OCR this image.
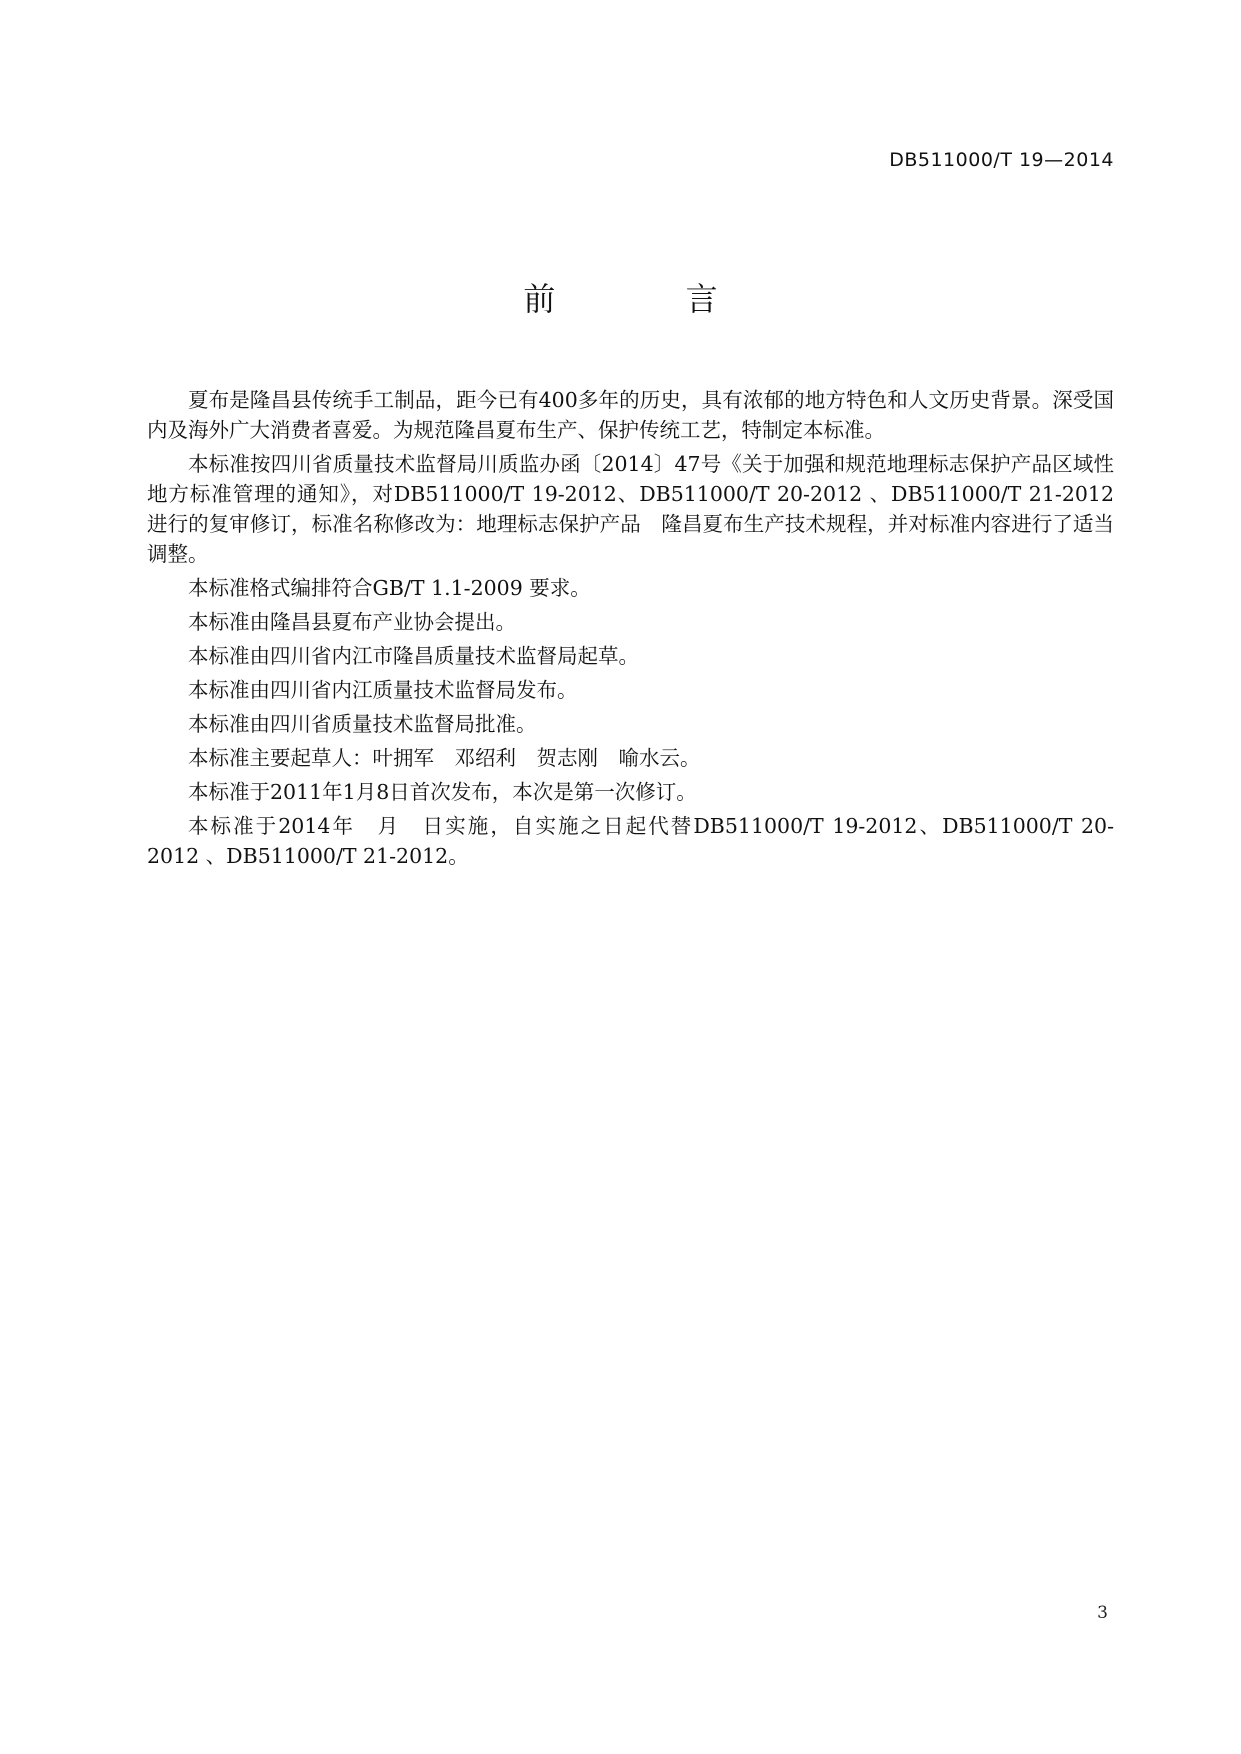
DB511000/T 19—2014
前 言

夏布是隆昌县传统手工制品，距今已有400多年的历史，具有浓郁的地方特色和人文历史背景。深受国内及海外广大消费者喜爱。为规范隆昌夏布生产、保护传统工艺，特制定本标准。

本标准按四川省质量技术监督局川质监办函〔2014〕47号《关于加强和规范地理标志保护产品区域性地方标准管理的通知》，对DB511000/T 19-2012、DB511000/T 20-2012 、DB511000/T 21-2012进行的复审修订，标准名称修改为：地理标志保护产品　隆昌夏布生产技术规程，并对标准内容进行了适当调整。

本标准格式编排符合GB/T 1.1-2009 要求。

本标准由隆昌县夏布产业协会提出。

本标准由四川省内江市隆昌质量技术监督局起草。

本标准由四川省内江质量技术监督局发布。

本标准由四川省质量技术监督局批准。

本标准主要起草人：叶拥军　邓绍利　贺志刚　喻水云。

本标准于2011年1月8日首次发布，本次是第一次修订。

本标准于2014年　月　日实施，自实施之日起代替DB511000/T 19-2012、DB511000/T 20-2012 、DB511000/T 21-2012。

3
